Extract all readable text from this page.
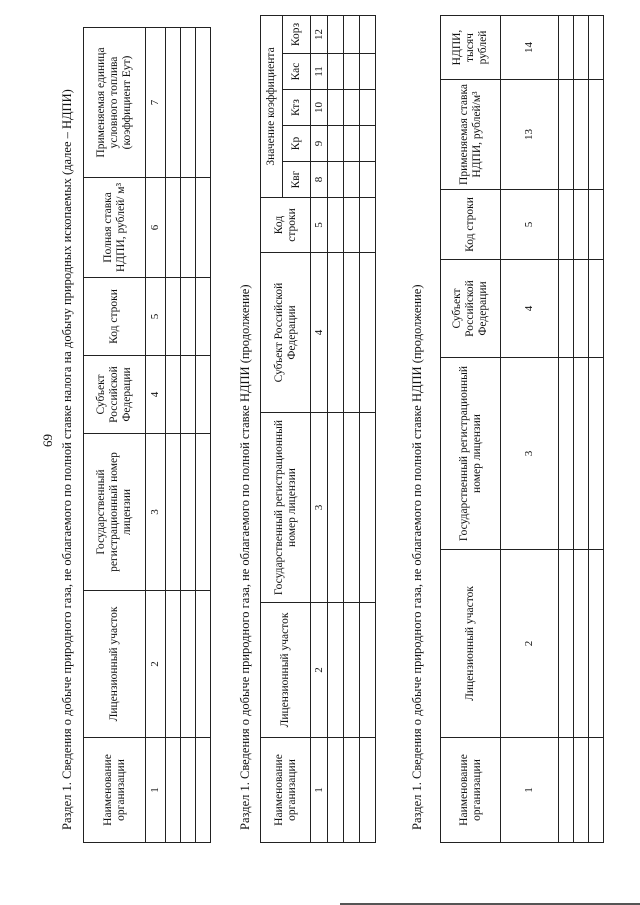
69 Раздел 1. Сведения о добыче природного газа, не облагаемого по полной ставке налога на добычу природных ископаемых (далее – НДПИ) Наименование организации	Лицензионный участок	Государственный регистрационный номер лицензии	Субъект Российской Федерации	Код строки	Полная ставка НДПИ, рублей/ м³	Применяемая единица условного топлива (коэффициент Еут)
1	2	3	4	5	6	7

Раздел 1. Сведения о добыче природного газа, не облагаемого по полной ставке НДПИ (продолжение) Наименование организации	Лицензионный участок	Государственный регистрационный номер лицензии	Субъект Российской Федерации	Код строки	Значение коэффициента				
					Квг	Кр	Ктз	Кас	Корз
1	2	3	4	5	8	9	10	11	12

Раздел 1. Сведения о добыче природного газа, не облагаемого по полной ставке НДПИ (продолжение)	Наименование организации	Лицензионный участок	Государственный регистрационный номер лицензии	Субъект Российской Федерации	Код строки	Применяемая ставка НДПИ, рублей/м³	НДПИ, тысяч рублей
1	2	3	4	5	13	14
